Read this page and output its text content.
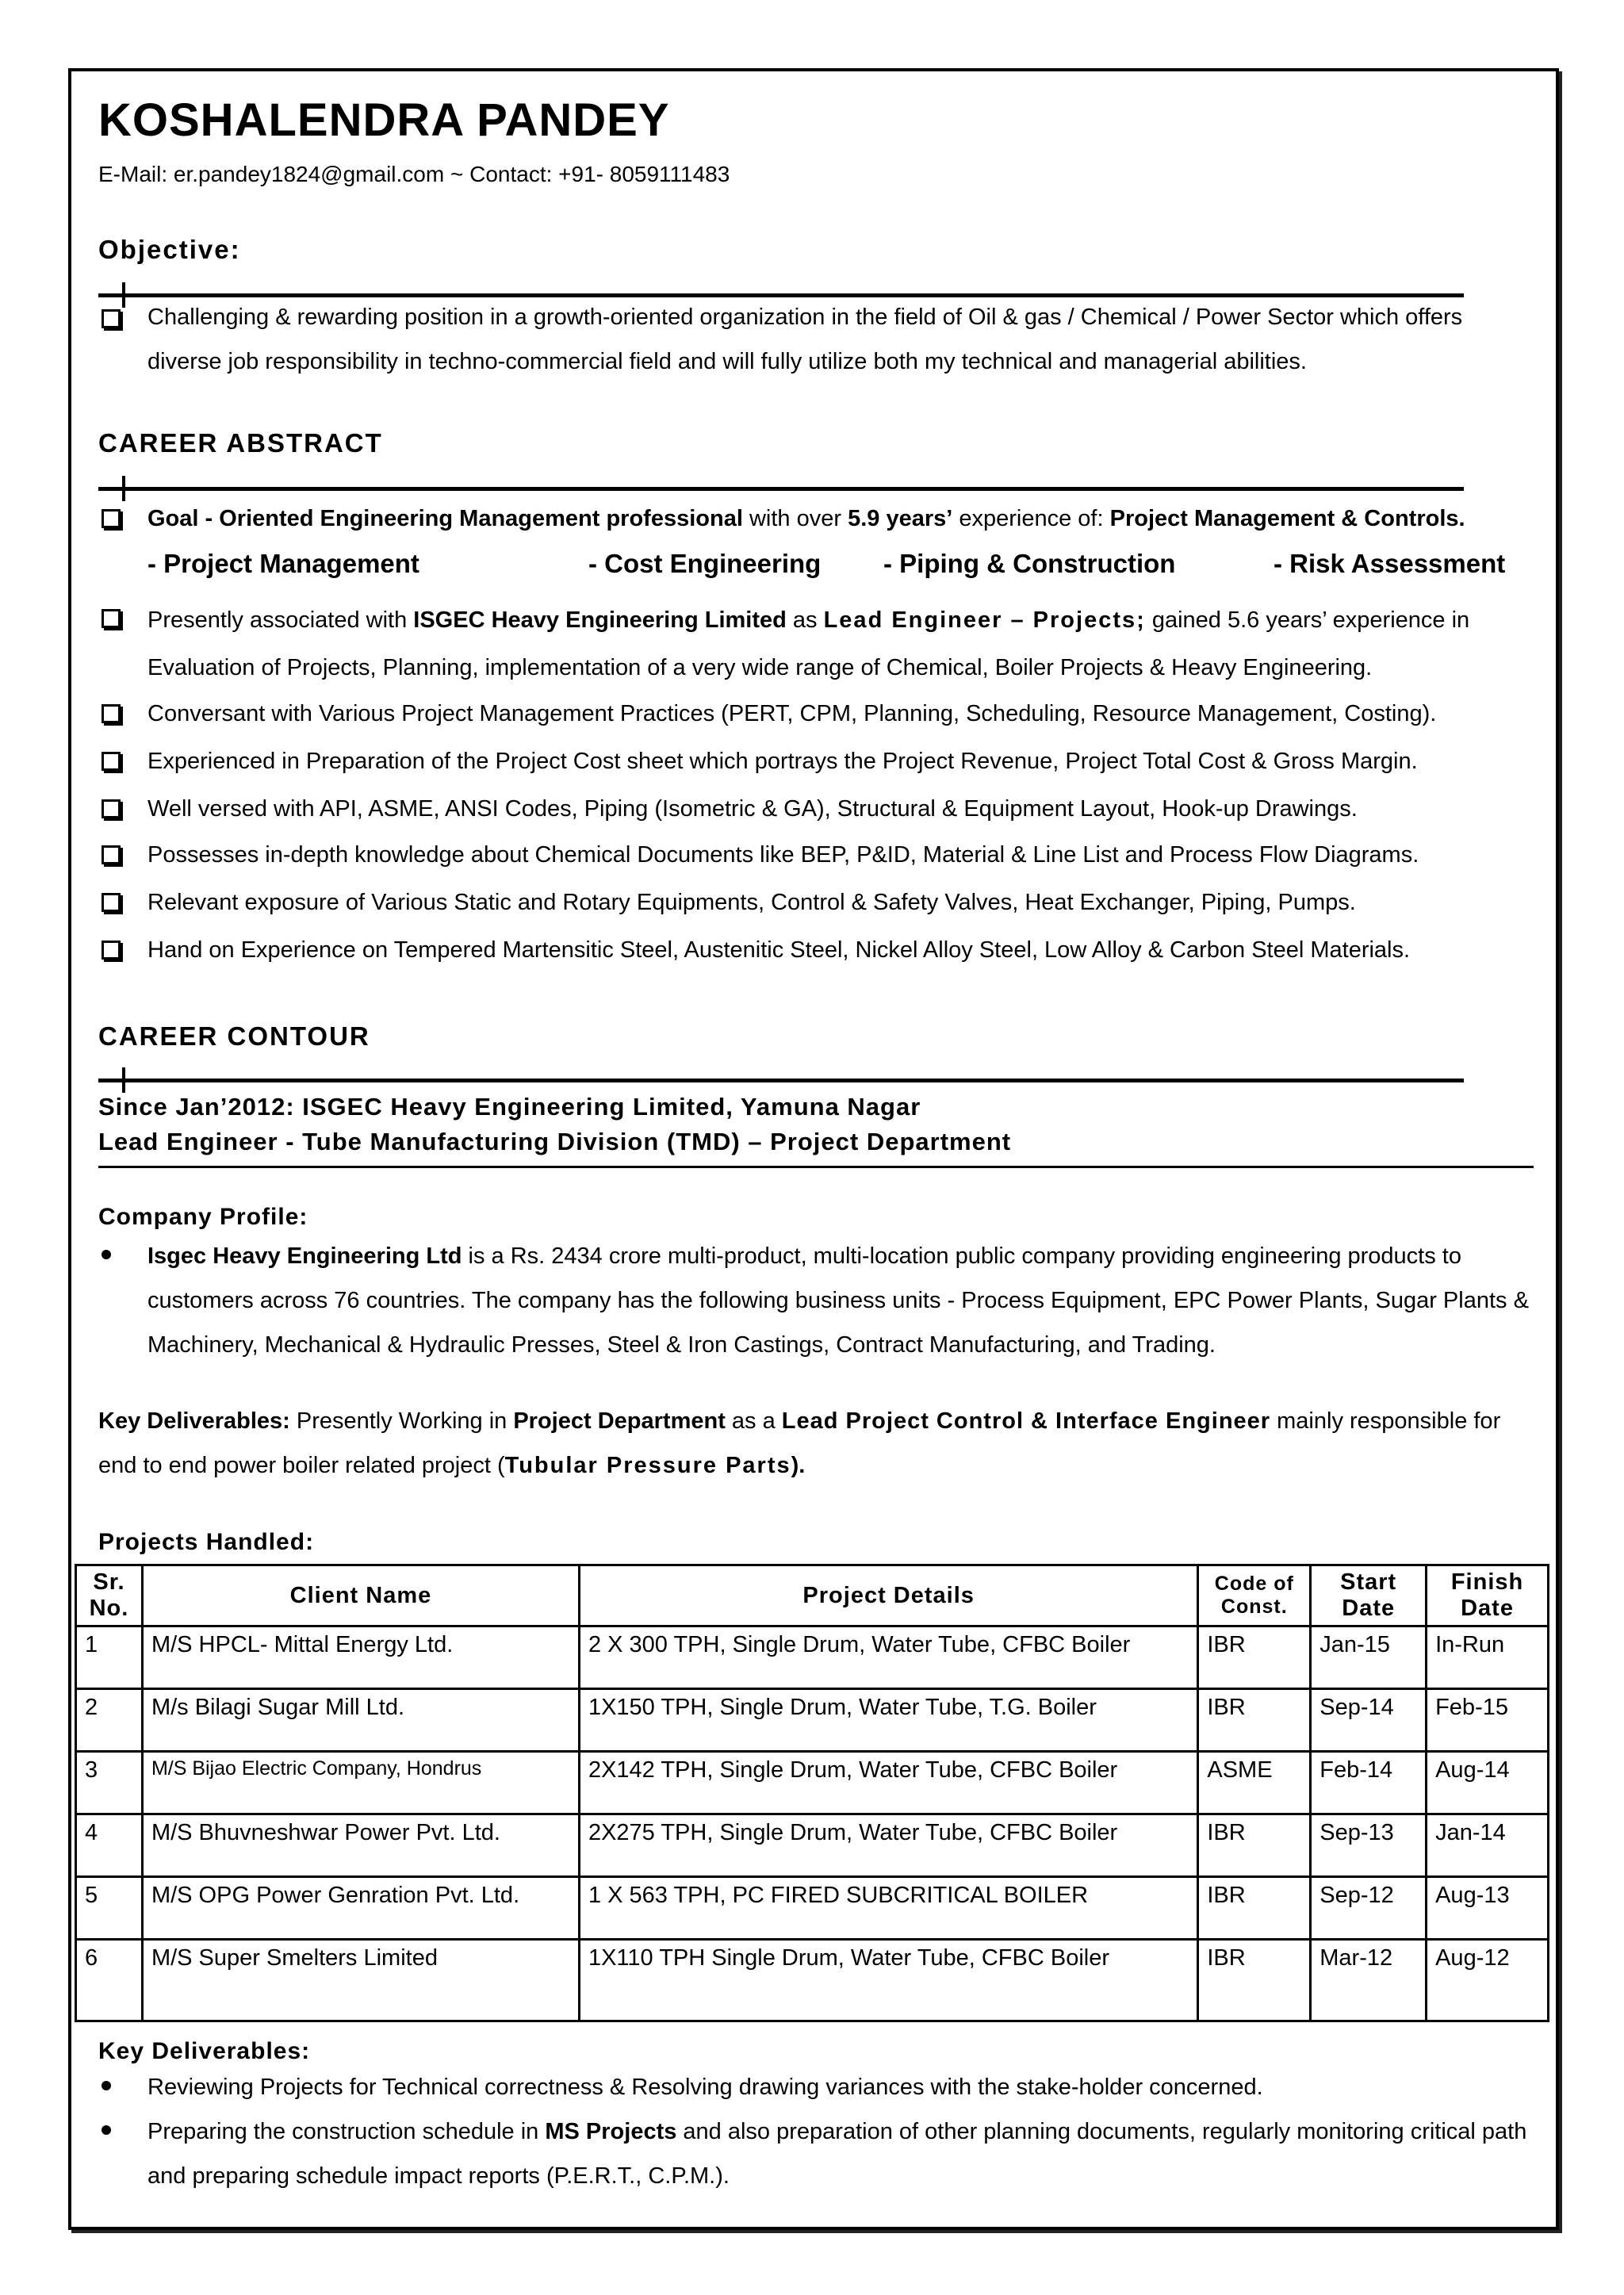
KOSHALENDRA PANDEY
E-Mail: er.pandey1824@gmail.com ~ Contact: +91- 8059111483
Objective:
Challenging & rewarding position in a growth-oriented organization in the field of Oil & gas / Chemical / Power Sector which offers diverse job responsibility in techno-commercial field and will fully utilize both my technical and managerial abilities.
CAREER ABSTRACT
Goal - Oriented Engineering Management professional with over 5.9 years’ experience of: Project Management & Controls.
- Project Management	- Cost Engineering - Piping & Construction	- Risk Assessment
Presently associated with ISGEC Heavy Engineering Limited as Lead Engineer – Projects; gained 5.6 years’ experience in Evaluation of Projects, Planning, implementation of a very wide range of Chemical, Boiler Projects & Heavy Engineering.
Conversant with Various Project Management Practices (PERT, CPM, Planning, Scheduling, Resource Management, Costing).
Experienced in Preparation of the Project Cost sheet which portrays the Project Revenue, Project Total Cost & Gross Margin.
Well versed with API, ASME, ANSI Codes, Piping (Isometric & GA), Structural & Equipment Layout, Hook-up Drawings.
Possesses in-depth knowledge about Chemical Documents like BEP, P&ID, Material & Line List and Process Flow Diagrams.
Relevant exposure of Various Static and Rotary Equipments, Control & Safety Valves, Heat Exchanger, Piping, Pumps.
Hand on Experience on Tempered Martensitic Steel, Austenitic Steel, Nickel Alloy Steel, Low Alloy & Carbon Steel Materials.
CAREER CONTOUR
Since Jan’2012: ISGEC Heavy Engineering Limited, Yamuna Nagar
Lead Engineer - Tube Manufacturing Division (TMD) – Project Department
Company Profile:
Isgec Heavy Engineering Ltd is a Rs. 2434 crore multi-product, multi-location public company providing engineering products to customers across 76 countries. The company has the following business units - Process Equipment, EPC Power Plants, Sugar Plants & Machinery, Mechanical & Hydraulic Presses, Steel & Iron Castings, Contract Manufacturing, and Trading.
Key Deliverables: Presently Working in Project Department as a Lead Project Control & Interface Engineer mainly responsible for end to end power boiler related project (Tubular Pressure Parts).
Projects Handled:
Sr. No.	Client Name	Project Details	Code of Const.	Start Date	Finish Date
1	M/S HPCL- Mittal Energy Ltd.	2 X 300 TPH, Single Drum, Water Tube, CFBC Boiler	IBR	Jan-15	In-Run
2	M/s Bilagi Sugar Mill Ltd.	1X150 TPH, Single Drum, Water Tube, T.G. Boiler	IBR	Sep-14	Feb-15
3	M/S Bijao Electric Company, Hondrus	2X142 TPH, Single Drum, Water Tube, CFBC Boiler	ASME	Feb-14	Aug-14
4	M/S Bhuvneshwar Power Pvt. Ltd.	2X275 TPH, Single Drum, Water Tube, CFBC Boiler	IBR	Sep-13	Jan-14
5	M/S OPG Power Genration Pvt. Ltd.	1 X 563 TPH, PC FIRED SUBCRITICAL BOILER	IBR	Sep-12	Aug-13
6	M/S Super Smelters Limited	1X110 TPH Single Drum, Water Tube, CFBC Boiler	IBR	Mar-12	Aug-12
Key Deliverables:
Reviewing Projects for Technical correctness & Resolving drawing variances with the stake-holder concerned.
Preparing the construction schedule in MS Projects and also preparation of other planning documents, regularly monitoring critical path and preparing schedule impact reports (P.E.R.T., C.P.M.).
